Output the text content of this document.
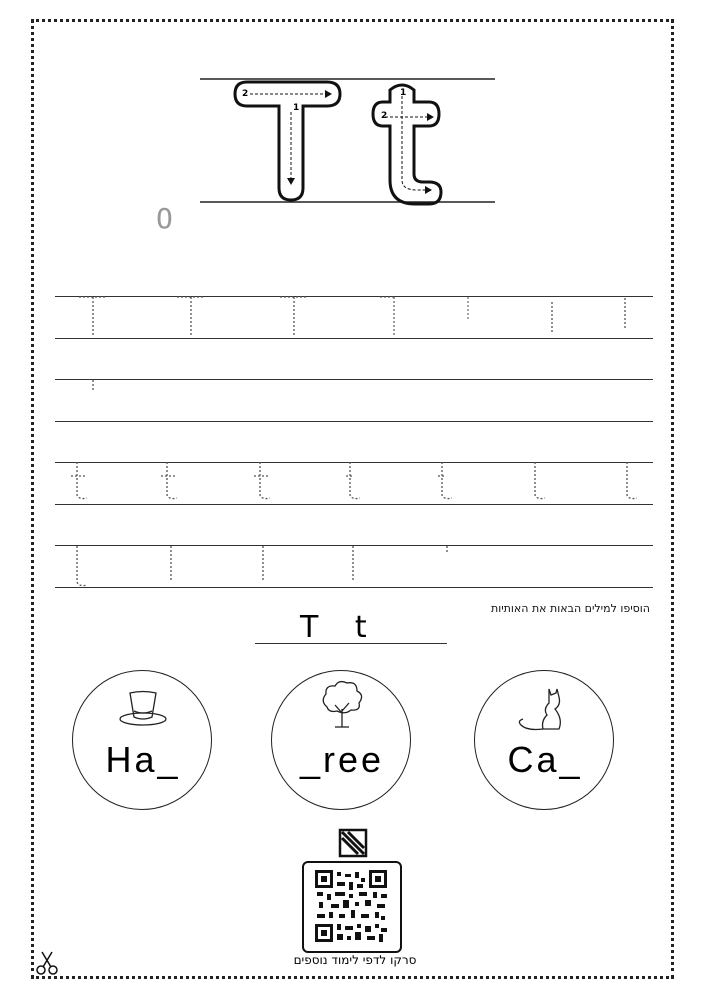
2
1
1
2
O
הוסיפו למילים הבאות את האותיות
T   t
Ha_	_ree	Ca_
סרקו לדפי לימוד נוספים
